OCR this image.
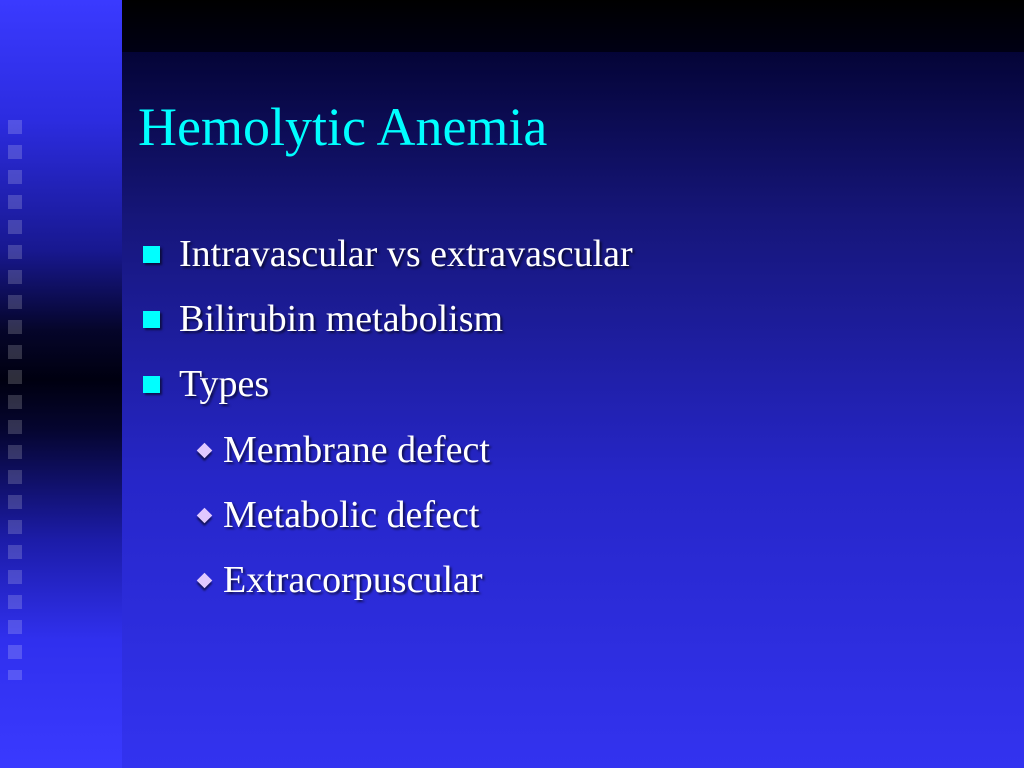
Hemolytic Anemia
Intravascular vs extravascular
Bilirubin metabolism
Types
Membrane defect
Metabolic defect
Extracorpuscular
